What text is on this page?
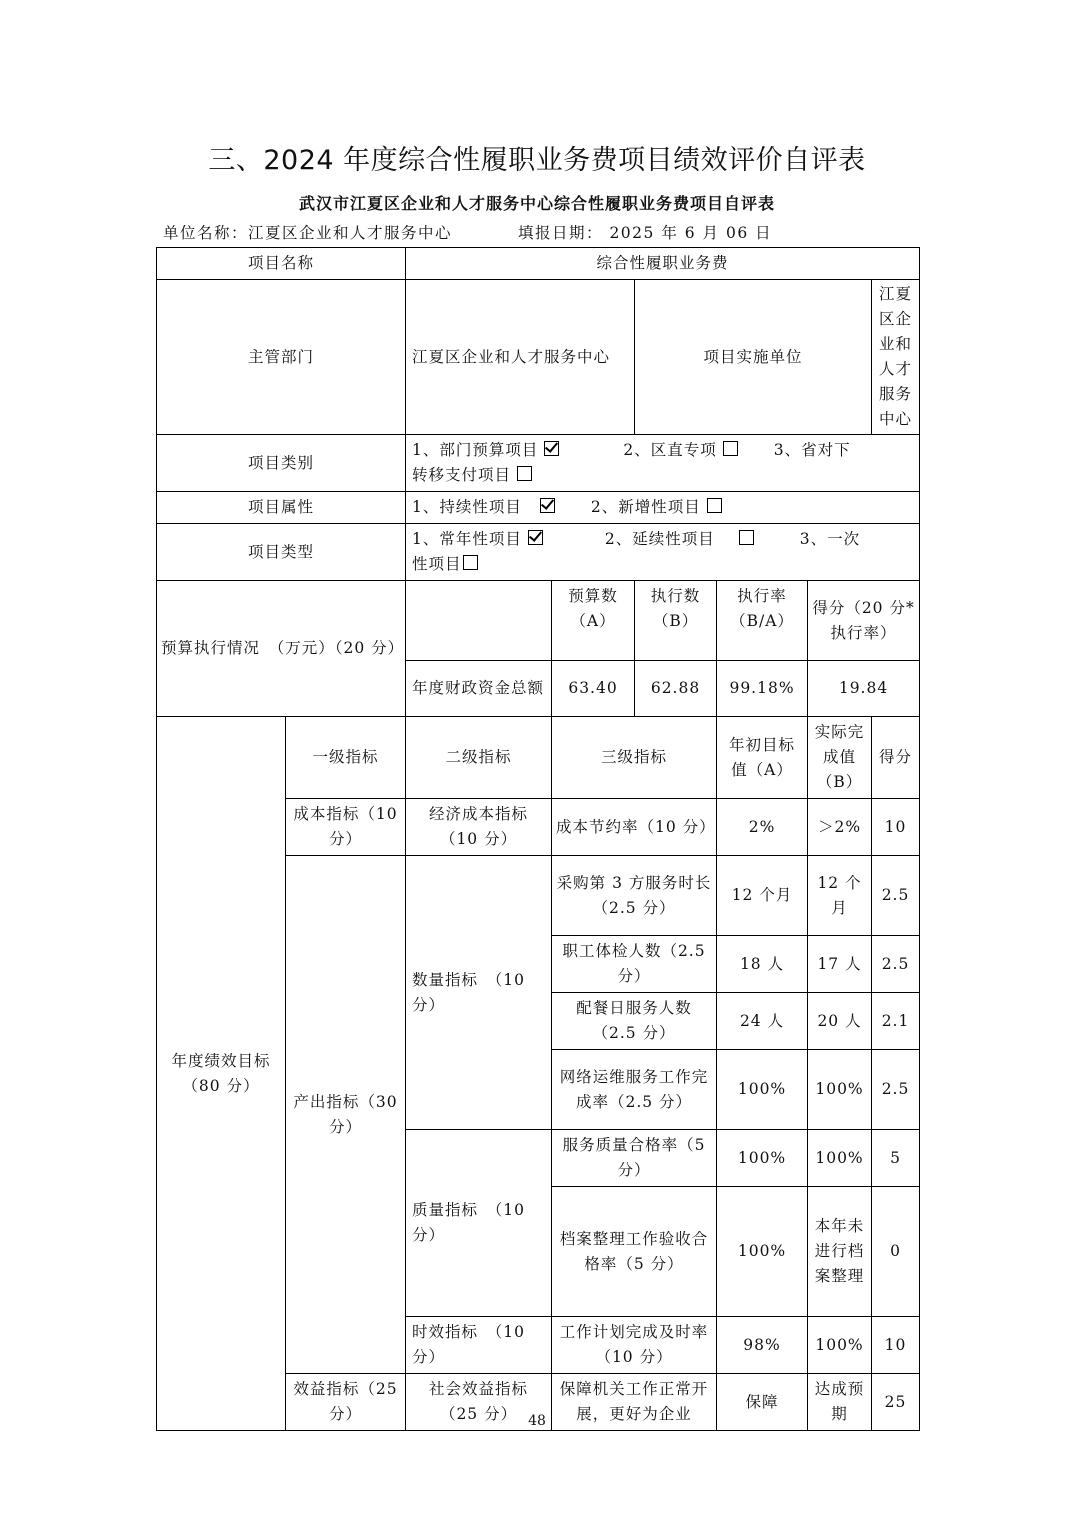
三、2024 年度综合性履职业务费项目绩效评价自评表
武汉市江夏区企业和人才服务中心综合性履职业务费项目自评表
单位名称：江夏区企业和人才服务中心	填报日期： 2025 年 6 月 06 日
项目名称		综合性履职业务费					
主管部门		江夏区企业和人才服务中心		项目实施单位			江夏区企业和人才服务中心
项目类别		1、部门预算项目 2、区直专项 3、省对下
转移支付项目					
项目属性		1、持续性项目 2、新增性项目					
项目类型		1、常年性项目 2、延续性项目 3、一次
性项目					
预算执行情况　（万元）（20 分）			预算数（A）	执行数（B）	执行率（B/A）	得分（20 分*执行率）	
		年度财政资金总额	63.40	62.88	99.18%	19.84	
年度绩效目标（80 分）	一级指标	二级指标	三级指标		年初目标值（A）	实际完成值（B）	得分
	成本指标（10 分）	经济成本指标（10 分）	成本节约率（10 分）		2%	＞2%	10
	产出指标（30 分）	数量指标　（10 分）	采购第 3 方服务时长（2.5 分）		12 个月	12 个月	2.5
			职工体检人数（2.5 分）		18 人	17 人	2.5
			配餐日服务人数（2.5 分）		24 人	20 人	2.1
			网络运维服务工作完成率（2.5 分）		100%	100%	2.5
		质量指标　（10 分）	服务质量合格率（5 分）		100%	100%	5
			档案整理工作验收合格率（5 分）		100%	本年未进行档案整理	0
		时效指标　（10 分）	工作计划完成及时率（10 分）		98%	100%	10
	效益指标（25 分）	社会效益指标（25 分）	保障机关工作正常开展，更好为企业		保障	达成预期	25
48
